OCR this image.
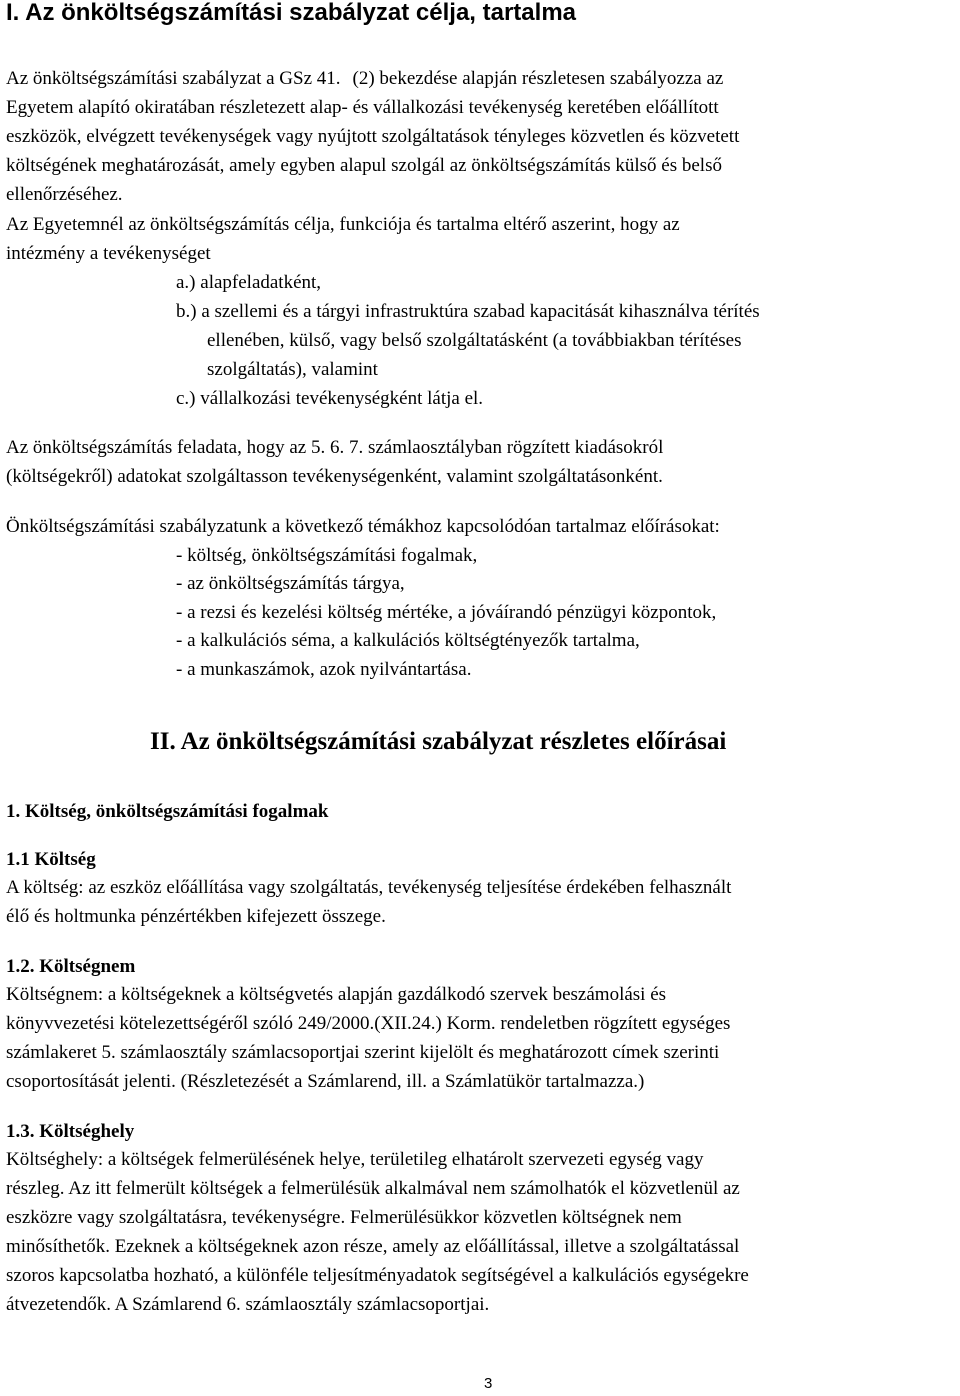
I. Az önköltségszámítási szabályzat célja, tartalma

Az önköltségszámítási szabályzat a GSz 41. (2) bekezdése alapján részletesen szabályozza az

Egyetem alapító okiratában részletezett alap- és vállalkozási tevékenység keretében előállított

eszközök, elvégzett tevékenységek vagy nyújtott szolgáltatások tényleges közvetlen és közvetett

költségének meghatározását, amely egyben alapul szolgál az önköltségszámítás külső és belső

ellenőrzéséhez.

Az Egyetemnél az önköltségszámítás célja, funkciója és tartalma eltérő aszerint, hogy az

intézmény a tevékenységet

a.) alapfeladatként,

b.) a szellemi és a tárgyi infrastruktúra szabad kapacitását kihasználva térítés

ellenében, külső, vagy belső szolgáltatásként (a továbbiakban térítéses

szolgáltatás), valamint

c.) vállalkozási tevékenységként látja el.

Az önköltségszámítás feladata, hogy az 5. 6. 7. számlaosztályban rögzített kiadásokról

(költségekről) adatokat szolgáltasson tevékenységenként, valamint szolgáltatásonként.

Önköltségszámítási szabályzatunk a következő témákhoz kapcsolódóan tartalmaz előírásokat:

- költség, önköltségszámítási fogalmak,

- az önköltségszámítás tárgya,

- a rezsi és kezelési költség mértéke, a jóváírandó pénzügyi központok,

- a kalkulációs séma, a kalkulációs költségtényezők tartalma,

- a munkaszámok, azok nyilvántartása.

II. Az önköltségszámítási szabályzat részletes előírásai
1. Költség, önköltségszámítási fogalmak
1.1 Költség

A költség: az eszköz előállítása vagy szolgáltatás, tevékenység teljesítése érdekében felhasznált

élő és holtmunka pénzértékben kifejezett összege.

1.2. Költségnem

Költségnem: a költségeknek a költségvetés alapján gazdálkodó szervek beszámolási és

könyvvezetési kötelezettségéről szóló 249/2000.(XII.24.) Korm. rendeletben rögzített egységes

számlakeret 5. számlaosztály számlacsoportjai szerint kijelölt és meghatározott címek szerinti

csoportosítását jelenti. (Részletezését a Számlarend, ill. a Számlatükör tartalmazza.)

1.3. Költséghely

Költséghely: a költségek felmerülésének helye, területileg elhatárolt szervezeti egység vagy

részleg. Az itt felmerült költségek a felmerülésük alkalmával nem számolhatók el közvetlenül az

eszközre vagy szolgáltatásra, tevékenységre. Felmerülésükkor közvetlen költségnek nem

minősíthetők. Ezeknek a költségeknek azon része, amely az előállítással, illetve a szolgáltatással

szoros kapcsolatba hozható, a különféle teljesítményadatok segítségével a kalkulációs egységekre

átvezetendők. A Számlarend 6. számlaosztály számlacsoportjai.

3
